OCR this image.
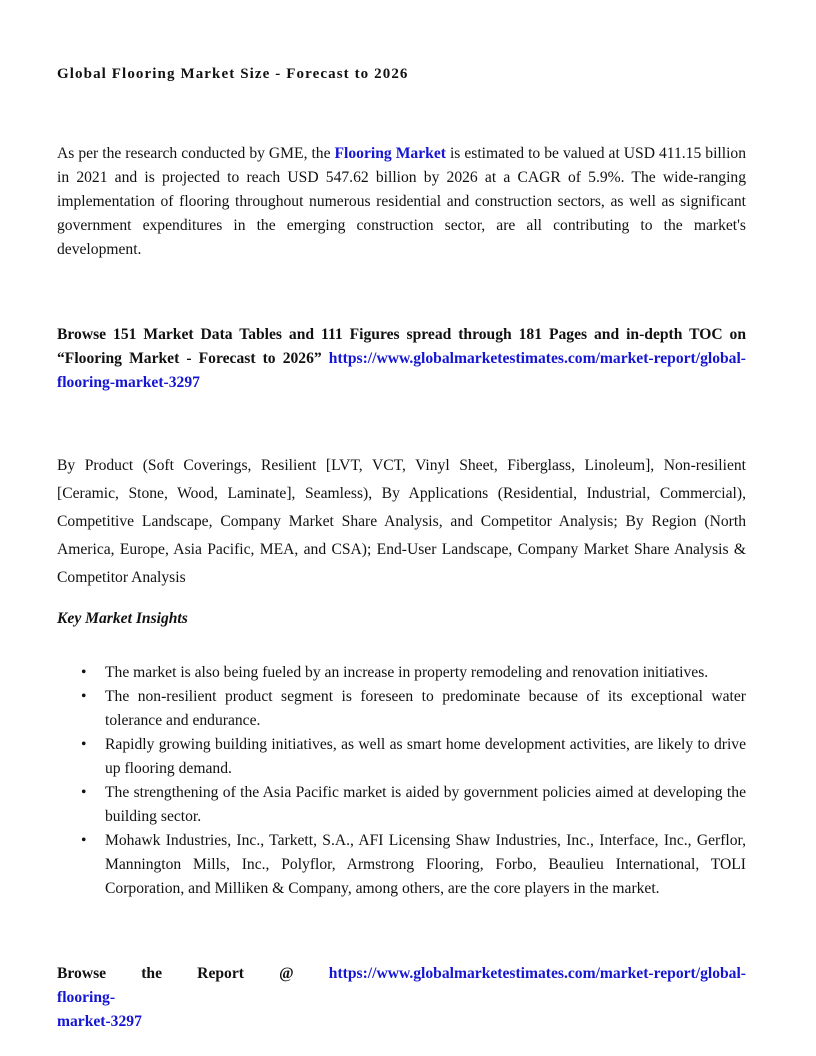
Global Flooring Market Size - Forecast to 2026

As per the research conducted by GME, the Flooring Market is estimated to be valued at USD 411.15 billion in 2021 and is projected to reach USD 547.62 billion by 2026 at a CAGR of 5.9%. The wide-ranging implementation of flooring throughout numerous residential and construction sectors, as well as significant government expenditures in the emerging construction sector, are all contributing to the market's development.

Browse 151 Market Data Tables and 111 Figures spread through 181 Pages and in-depth TOC on “Flooring Market - Forecast to 2026” https://www.globalmarketestimates.com/market-report/global-flooring-market-3297

By Product (Soft Coverings, Resilient [LVT, VCT, Vinyl Sheet, Fiberglass, Linoleum], Non-resilient [Ceramic, Stone, Wood, Laminate], Seamless), By Applications (Residential, Industrial, Commercial), Competitive Landscape, Company Market Share Analysis, and Competitor Analysis; By Region (North America, Europe, Asia Pacific, MEA, and CSA); End-User Landscape, Company Market Share Analysis & Competitor Analysis

Key Market Insights
• The market is also being fueled by an increase in property remodeling and renovation initiatives.
• The non-resilient product segment is foreseen to predominate because of its exceptional water tolerance and endurance.
• Rapidly growing building initiatives, as well as smart home development activities, are likely to drive up flooring demand.
• The strengthening of the Asia Pacific market is aided by government policies aimed at developing the building sector.
• Mohawk Industries, Inc., Tarkett, S.A., AFI Licensing Shaw Industries, Inc., Interface, Inc., Gerflor, Mannington Mills, Inc., Polyflor, Armstrong Flooring, Forbo, Beaulieu International, TOLI Corporation, and Milliken & Company, among others, are the core players in the market.
Browse the Report @ https://www.globalmarketestimates.com/market-report/global-flooring-
market-3297
